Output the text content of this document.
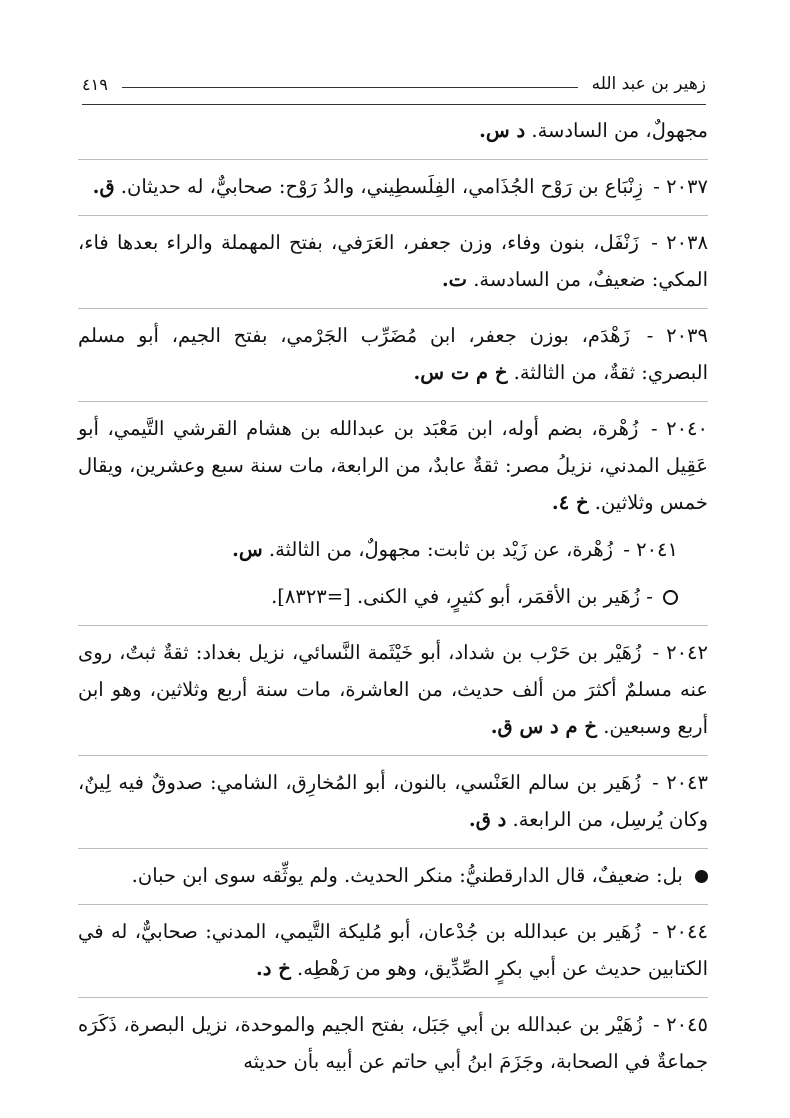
زهير بن عبد الله
٤١٩

مجهولٌ، من السادسة. د س.

٢٠٣٧ - زِنْبَاع بن رَوْح الجُذَامي، الفِلَسطِيني، والدُ رَوْح: صحابيٌّ، له حديثان. ق.

٢٠٣٨ - زَنْفَل، بنون وفاء، وزن جعفر، العَرَفي، بفتح المهملة والراء بعدها فاء، المكي: ضعيفٌ، من السادسة. ت.

٢٠٣٩ - زَهْدَم، بوزن جعفر، ابن مُضَرِّب الجَرْمي، بفتح الجيم، أبو مسلم البصري: ثقةٌ، من الثالثة. خ م ت س.

٢٠٤٠ - زُهْرة، بضم أوله، ابن مَعْبَد بن عبدالله بن هشام القرشي التَّيمي، أبو عَقِيل المدني، نزيلُ مصر: ثقةٌ عابدٌ، من الرابعة، مات سنة سبع وعشرين، ويقال خمس وثلاثين. خ ٤.

٢٠٤١ - زُهْرة، عن زَيْد بن ثابت: مجهولٌ، من الثالثة. س.

- زُهَير بن الأقمَر، أبو كثيرٍ، في الكنى. [=٨٣٢٣].

٢٠٤٢ - زُهَيْر بن حَرْب بن شداد، أبو خَيْثَمة النَّسائي، نزيل بغداد: ثقةٌ ثبتٌ، روى عنه مسلمٌ أكثرَ من ألف حديث، من العاشرة، مات سنة أربع وثلاثين، وهو ابن أربع وسبعين. خ م د س ق.

٢٠٤٣ - زُهَير بن سالم العَنْسي، بالنون، أبو المُخارِق، الشامي: صدوقٌ فيه لِينٌ، وكان يُرسِل، من الرابعة. د ق.

بل: ضعيفٌ، قال الدارقطنيُّ: منكر الحديث. ولم يوثِّقه سوى ابن حبان.

٢٠٤٤ - زُهَير بن عبدالله بن جُدْعان، أبو مُليكة التَّيمي، المدني: صحابيٌّ، له في الكتابين حديث عن أبي بكرٍ الصِّدِّيق، وهو من رَهْطِه. خ د.

٢٠٤٥ - زُهَيْر بن عبدالله بن أبي جَبَل، بفتح الجيم والموحدة، نزيل البصرة، ذَكَرَه جماعةٌ في الصحابة، وجَزَمَ ابنُ أبي حاتم عن أبيه بأن حديثه
